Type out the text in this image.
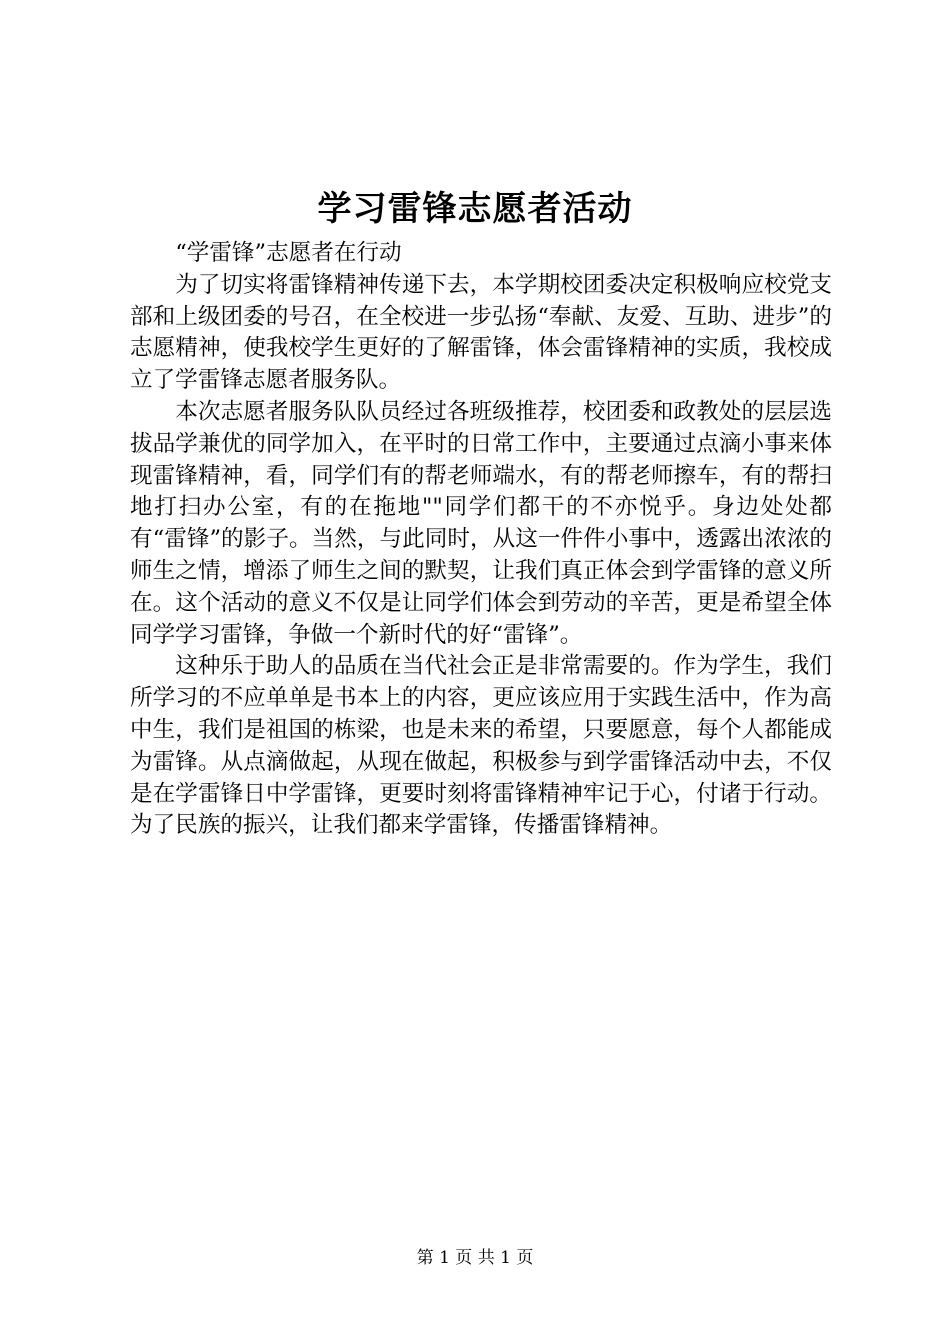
学习雷锋志愿者活动

“学雷锋”志愿者在行动

为了切实将雷锋精神传递下去，本学期校团委决定积极响应校党支部和上级团委的号召，在全校进一步弘扬“奉献、友爱、互助、进步”的志愿精神，使我校学生更好的了解雷锋，体会雷锋精神的实质，我校成立了学雷锋志愿者服务队。

本次志愿者服务队队员经过各班级推荐，校团委和政教处的层层选拔品学兼优的同学加入，在平时的日常工作中，主要通过点滴小事来体现雷锋精神，看，同学们有的帮老师端水，有的帮老师擦车，有的帮扫地打扫办公室，有的在拖地""同学们都干的不亦悦乎。身边处处都有“雷锋”的影子。当然，与此同时，从这一件件小事中，透露出浓浓的师生之情，增添了师生之间的默契，让我们真正体会到学雷锋的意义所在。这个活动的意义不仅是让同学们体会到劳动的辛苦，更是希望全体同学学习雷锋，争做一个新时代的好“雷锋”。

这种乐于助人的品质在当代社会正是非常需要的。作为学生，我们所学习的不应单单是书本上的内容，更应该应用于实践生活中，作为高中生，我们是祖国的栋梁，也是未来的希望，只要愿意，每个人都能成为雷锋。从点滴做起，从现在做起，积极参与到学雷锋活动中去，不仅是在学雷锋日中学雷锋，更要时刻将雷锋精神牢记于心，付诸于行动。为了民族的振兴，让我们都来学雷锋，传播雷锋精神。

第 1 页 共 1 页
